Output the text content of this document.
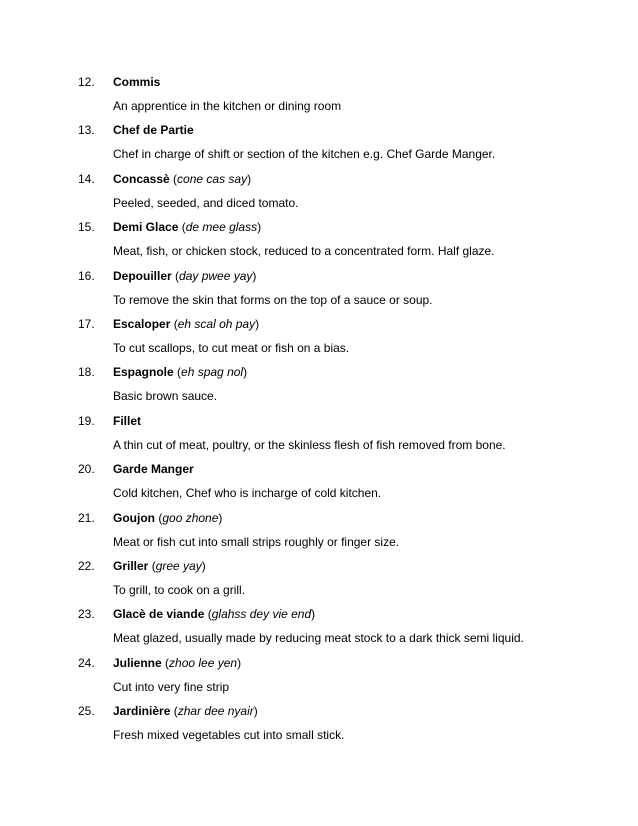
12. Commis
An apprentice in the kitchen or dining room
13. Chef de Partie
Chef in charge of shift or section of the kitchen e.g. Chef Garde Manger.
14. Concassè (cone cas say)
Peeled, seeded, and diced tomato.
15. Demi Glace (de mee glass)
Meat, fish, or chicken stock, reduced to a concentrated form. Half glaze.
16. Depouiller (day pwee yay)
To remove the skin that forms on the top of a sauce or soup.
17. Escaloper (eh scal oh pay)
To cut scallops, to cut meat or fish on a bias.
18. Espagnole (eh spag nol)
Basic brown sauce.
19. Fillet
A thin cut of meat, poultry, or the skinless flesh of fish removed from bone.
20. Garde Manger
Cold kitchen, Chef who is incharge of cold kitchen.
21. Goujon (goo zhone)
Meat or fish cut into small strips roughly or finger size.
22. Griller (gree yay)
To grill, to cook on a grill.
23. Glacè de viande (glahss dey vie end)
Meat glazed, usually made by reducing meat stock to a dark thick semi liquid.
24. Julienne (zhoo lee yen)
Cut into very fine strip
25. Jardinière (zhar dee nyair)
Fresh mixed vegetables cut into small stick.
